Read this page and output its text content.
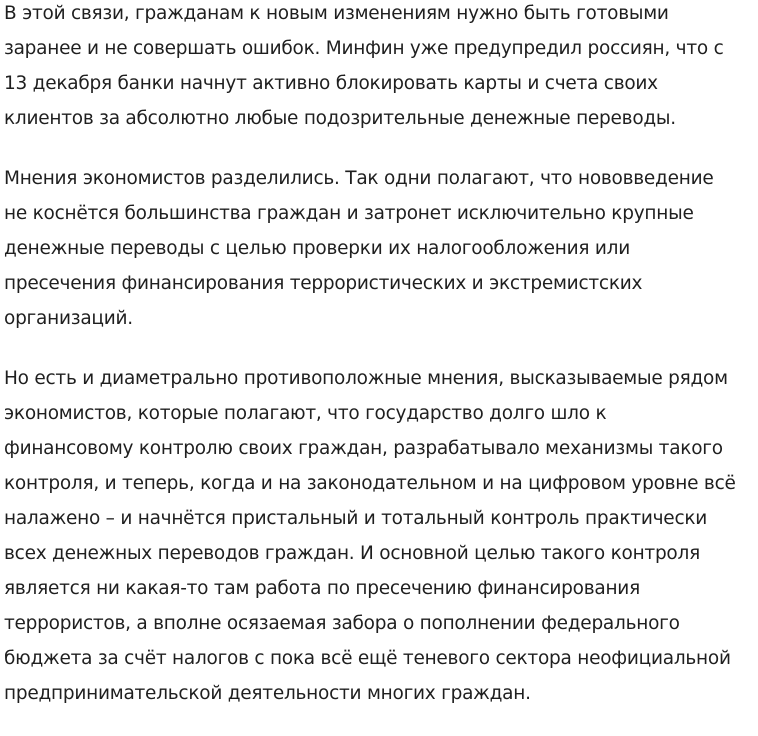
В этой связи, гражданам к новым изменениям нужно быть готовыми
заранее и не совершать ошибок. Минфин уже предупредил россиян, что с
13 декабря банки начнут активно блокировать карты и счета своих
клиентов за абсолютно любые подозрительные денежные переводы.

Мнения экономистов разделились. Так одни полагают, что нововведение
не коснётся большинства граждан и затронет исключительно крупные
денежные переводы с целью проверки их налогообложения или
пресечения финансирования террористических и экстремистских
организаций.

Но есть и диаметрально противоположные мнения, высказываемые рядом
экономистов, которые полагают, что государство долго шло к
финансовому контролю своих граждан, разрабатывало механизмы такого
контроля, и теперь, когда и на законодательном и на цифровом уровне всё
налажено – и начнётся пристальный и тотальный контроль практически
всех денежных переводов граждан. И основной целью такого контроля
является ни какая-то там работа по пресечению финансирования
террористов, а вполне осязаемая забора о пополнении федерального
бюджета за счёт налогов с пока всё ещё теневого сектора неофициальной
предпринимательской деятельности многих граждан.
